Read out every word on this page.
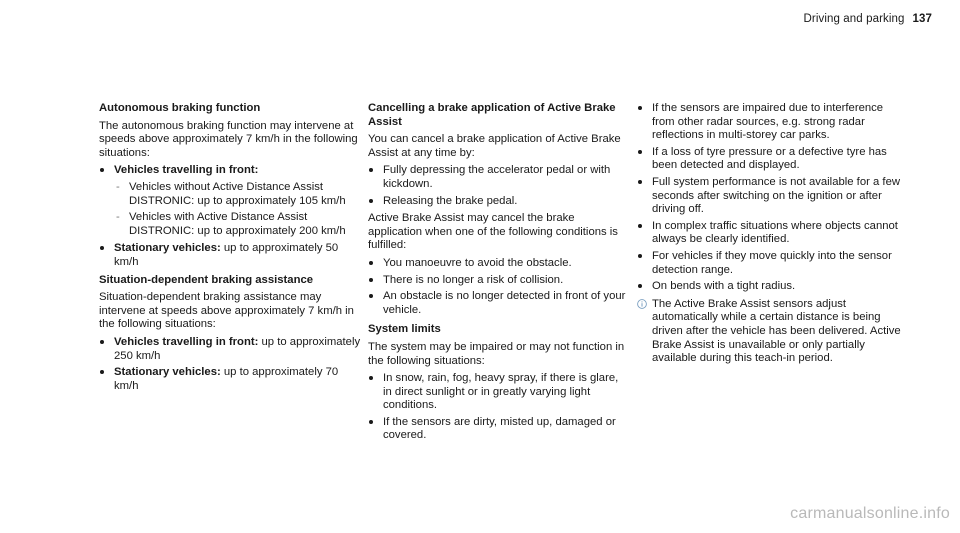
Driving and parking 137
Autonomous braking function

The autonomous braking function may intervene at speeds above approximately 7 km/h in the following situations:

Vehicles travelling in front:
- Vehicles without Active Distance Assist DISTRONIC: up to approximately 105 km/h
- Vehicles with Active Distance Assist DISTRONIC: up to approximately 200 km/h
Stationary vehicles: up to approximately 50 km/h
Situation-dependent braking assistance

Situation-dependent braking assistance may intervene at speeds above approximately 7 km/h in the following situations:

Vehicles travelling in front: up to approximately 250 km/h
Stationary vehicles: up to approximately 70 km/h
Cancelling a brake application of Active Brake Assist

You can cancel a brake application of Active Brake Assist at any time by:

Fully depressing the accelerator pedal or with kickdown.
Releasing the brake pedal.

Active Brake Assist may cancel the brake application when one of the following conditions is fulfilled:

You manoeuvre to avoid the obstacle.
There is no longer a risk of collision.
An obstacle is no longer detected in front of your vehicle.
System limits

The system may be impaired or may not function in the following situations:

In snow, rain, fog, heavy spray, if there is glare, in direct sunlight or in greatly varying light conditions.
If the sensors are dirty, misted up, damaged or covered.
If the sensors are impaired due to interference from other radar sources, e.g. strong radar reflections in multi-storey car parks.
If a loss of tyre pressure or a defective tyre has been detected and displayed.
Full system performance is not available for a few seconds after switching on the ignition or after driving off.
In complex traffic situations where objects cannot always be clearly identified.
For vehicles if they move quickly into the sensor detection range.
On bends with a tight radius.
The Active Brake Assist sensors adjust automatically while a certain distance is being driven after the vehicle has been delivered. Active Brake Assist is unavailable or only partially available during this teach-in period.
carmanualsonline.info
